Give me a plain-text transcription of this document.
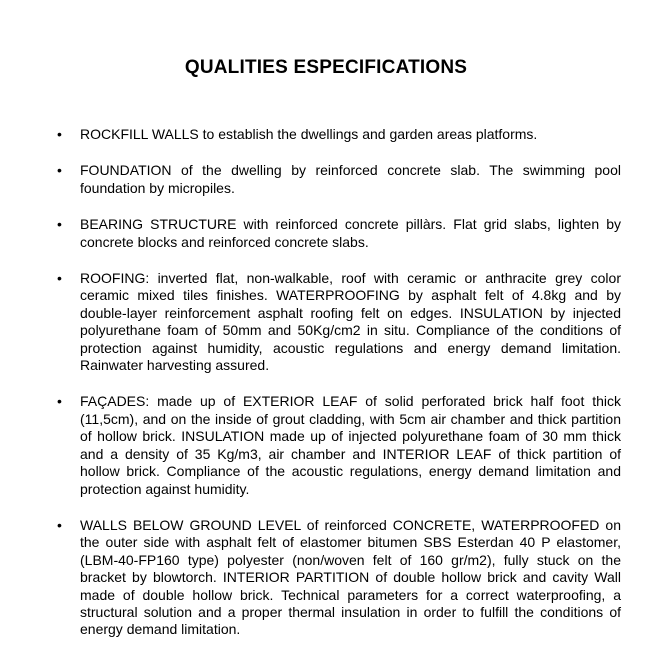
QUALITIES ESPECIFICATIONS
• ROCKFILL WALLS to establish the dwellings and garden areas platforms.
• FOUNDATION of the dwelling by reinforced concrete slab. The swimming pool foundation by micropiles.
• BEARING STRUCTURE with reinforced concrete pillàrs. Flat grid slabs, lighten by concrete blocks and reinforced concrete slabs.
• ROOFING: inverted flat, non-walkable, roof with ceramic or anthracite grey color ceramic mixed tiles finishes. WATERPROOFING by asphalt felt of 4.8kg and by double-layer reinforcement asphalt roofing felt on edges. INSULATION by injected polyurethane foam of 50mm and 50Kg/cm2 in situ. Compliance of the conditions of protection against humidity, acoustic regulations and energy demand limitation. Rainwater harvesting assured.
• FAÇADES: made up of EXTERIOR LEAF of solid perforated brick half foot thick (11,5cm), and on the inside of grout cladding, with 5cm air chamber and thick partition of hollow brick. INSULATION made up of injected polyurethane foam of 30 mm thick and a density of 35 Kg/m3, air chamber and INTERIOR LEAF of thick partition of hollow brick. Compliance of the acoustic regulations, energy demand limitation and protection against humidity.
• WALLS BELOW GROUND LEVEL of reinforced CONCRETE, WATERPROOFED on the outer side with asphalt felt of elastomer bitumen SBS Esterdan 40 P elastomer, (LBM-40-FP160 type) polyester (non/woven felt of 160 gr/m2), fully stuck on the bracket by blowtorch. INTERIOR PARTITION of double hollow brick and cavity Wall made of double hollow brick. Technical parameters for a correct waterproofing, a structural solution and a proper thermal insulation in order to fulfill the conditions of energy demand limitation.
